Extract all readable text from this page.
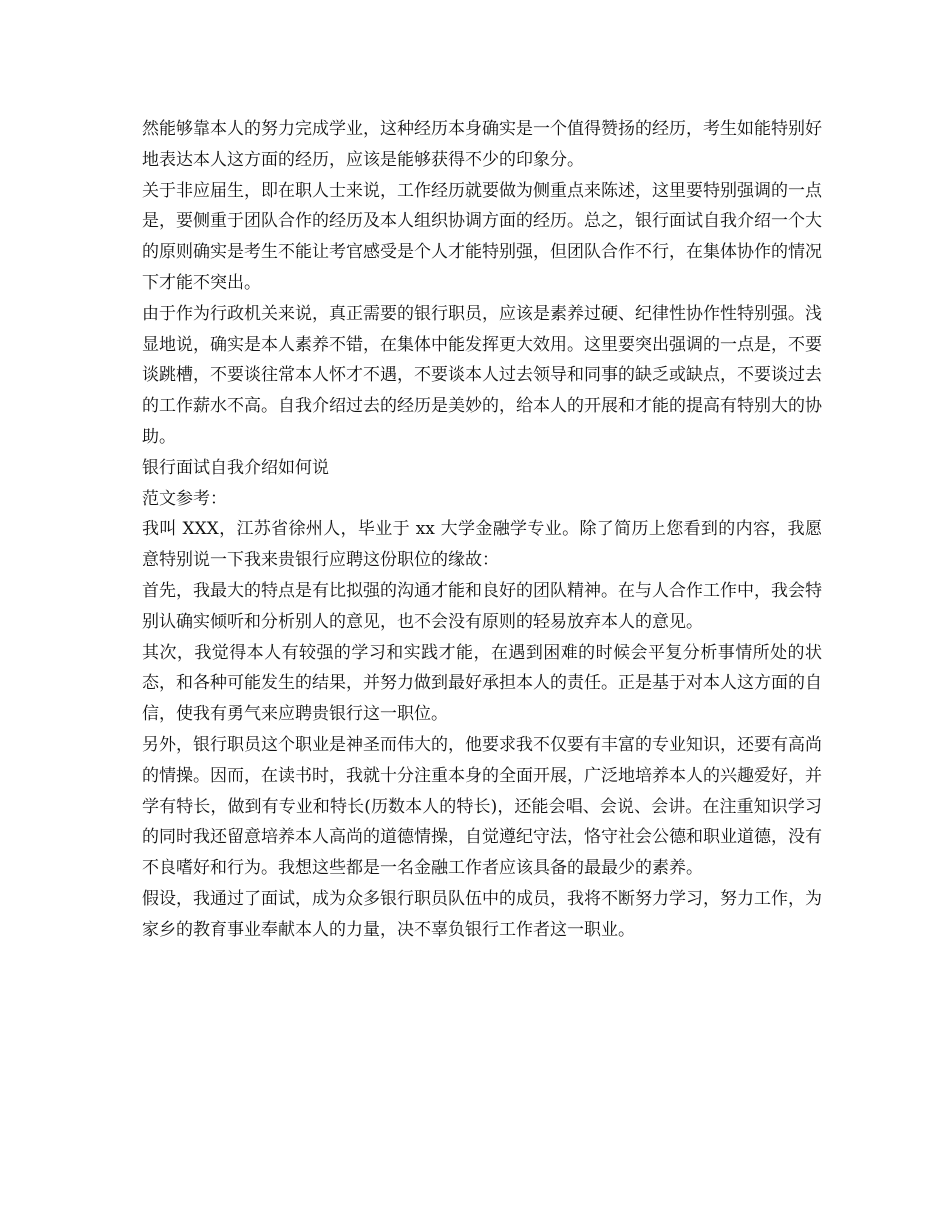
然能够靠本人的努力完成学业，这种经历本身确实是一个值得赞扬的经历，考生如能特别好地表达本人这方面的经历，应该是能够获得不少的印象分。

关于非应届生，即在职人士来说，工作经历就要做为侧重点来陈述，这里要特别强调的一点是，要侧重于团队合作的经历及本人组织协调方面的经历。总之，银行面试自我介绍一个大的原则确实是考生不能让考官感受是个人才能特别强，但团队合作不行，在集体协作的情况下才能不突出。

由于作为行政机关来说，真正需要的银行职员，应该是素养过硬、纪律性协作性特别强。浅显地说，确实是本人素养不错，在集体中能发挥更大效用。这里要突出强调的一点是，不要谈跳槽，不要谈往常本人怀才不遇，不要谈本人过去领导和同事的缺乏或缺点，不要谈过去的工作薪水不高。自我介绍过去的经历是美妙的，给本人的开展和才能的提高有特别大的协助。

银行面试自我介绍如何说

范文参考：

我叫 XXX，江苏省徐州人，毕业于 xx 大学金融学专业。除了简历上您看到的内容，我愿意特别说一下我来贵银行应聘这份职位的缘故：

首先，我最大的特点是有比拟强的沟通才能和良好的团队精神。在与人合作工作中，我会特别认确实倾听和分析别人的意见，也不会没有原则的轻易放弃本人的意见。

其次，我觉得本人有较强的学习和实践才能，在遇到困难的时候会平复分析事情所处的状态，和各种可能发生的结果，并努力做到最好承担本人的责任。正是基于对本人这方面的自信，使我有勇气来应聘贵银行这一职位。

另外，银行职员这个职业是神圣而伟大的，他要求我不仅要有丰富的专业知识，还要有高尚的情操。因而，在读书时，我就十分注重本身的全面开展，广泛地培养本人的兴趣爱好，并学有特长，做到有专业和特长(历数本人的特长)，还能会唱、会说、会讲。在注重知识学习的同时我还留意培养本人高尚的道德情操，自觉遵纪守法，恪守社会公德和职业道德，没有不良嗜好和行为。我想这些都是一名金融工作者应该具备的最最少的素养。

假设，我通过了面试，成为众多银行职员队伍中的成员，我将不断努力学习，努力工作，为家乡的教育事业奉献本人的力量，决不辜负银行工作者这一职业。
